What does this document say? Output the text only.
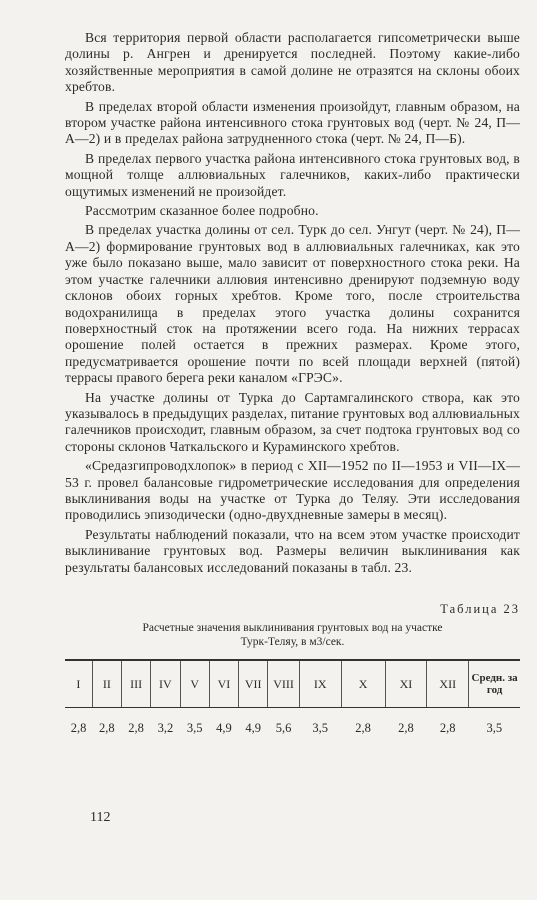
Вся территория первой области располагается гипсометрически выше долины р. Ангрен и дренируется последней. Поэтому какие-либо хозяйственные мероприятия в самой долине не отразятся на склоны обоих хребтов.

В пределах второй области изменения произойдут, главным образом, на втором участке района интенсивного стока грунтовых вод (черт. № 24, П—А—2) и в пределах района затрудненного стока (черт. № 24, П—Б).

В пределах первого участка района интенсивного стока грунтовых вод, в мощной толще аллювиальных галечников, каких-либо практически ощутимых изменений не произойдет.

Рассмотрим сказанное более подробно.

В пределах участка долины от сел. Турк до сел. Унгут (черт. № 24), П—А—2) формирование грунтовых вод в аллювиальных галечниках, как это уже было показано выше, мало зависит от поверхностного стока реки. На этом участке галечники аллювия интенсивно дренируют подземную воду склонов обоих горных хребтов. Кроме того, после строительства водохранилища в пределах этого участка долины сохранится поверхностный сток на протяжении всего года. На нижних террасах орошение полей остается в прежних размерах. Кроме этого, предусматривается орошение почти по всей площади верхней (пятой) террасы правого берега реки каналом «ГРЭС».

На участке долины от Турка до Сартамгалинского створа, как это указывалось в предыдущих разделах, питание грунтовых вод аллювиальных галечников происходит, главным образом, за счет подтока грунтовых вод со стороны склонов Чаткальского и Кураминского хребтов.

«Средазгипроводхлопок» в период с XII—1952 по II—1953 и VII—IX—53 г. провел балансовые гидрометрические исследования для определения выклинивания воды на участке от Турка до Теляу. Эти исследования проводились эпизодически (одно-двухдневные замеры в месяц).

Результаты наблюдений показали, что на всем этом участке происходит выклинивание грунтовых вод. Размеры величин выклинивания как результаты балансовых исследований показаны в табл. 23.

Таблица 23
Расчетные значения выклинивания грунтовых вод на участке
Турк-Теляу, в м3/сек.
I	II	III	IV	V	VI	VII	VIII	IX	X	XI	XII	Средн. за год
2,8	2,8	2,8	3,2	3,5	4,9	4,9	5,6	3,5	2,8	2,8	2,8	3,5
112
